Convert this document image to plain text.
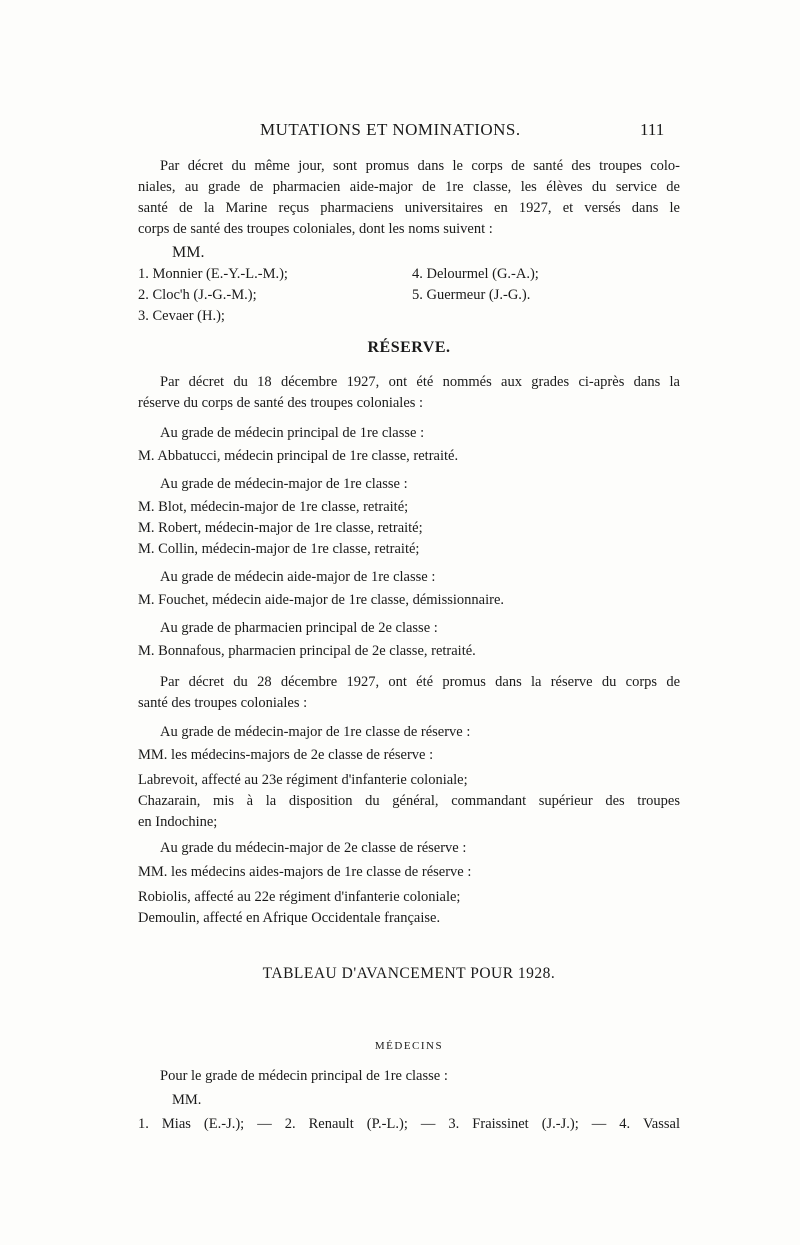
MUTATIONS ET NOMINATIONS.	111
Par décret du même jour, sont promus dans le corps de santé des troupes colo-
niales, au grade de pharmacien aide-major de 1re classe, les élèves du service de
santé de la Marine reçus pharmaciens universitaires en 1927, et versés dans le
corps de santé des troupes coloniales, dont les noms suivent :
MM.
1. Monnier (E.-Y.-L.-M.);
2. Cloc'h (J.-G.-M.);
3. Cevaer (H.);
4. Delourmel (G.-A.);
5. Guermeur (J.-G.).
RÉSERVE.
Par décret du 18 décembre 1927, ont été nommés aux grades ci-après dans la
réserve du corps de santé des troupes coloniales :
Au grade de médecin principal de 1re classe :
M. Abbatucci, médecin principal de 1re classe, retraité.
Au grade de médecin-major de 1re classe :
M. Blot, médecin-major de 1re classe, retraité;
M. Robert, médecin-major de 1re classe, retraité;
M. Collin, médecin-major de 1re classe, retraité;
Au grade de médecin aide-major de 1re classe :
M. Fouchet, médecin aide-major de 1re classe, démissionnaire.
Au grade de pharmacien principal de 2e classe :
M. Bonnafous, pharmacien principal de 2e classe, retraité.
Par décret du 28 décembre 1927, ont été promus dans la réserve du corps de
santé des troupes coloniales :
Au grade de médecin-major de 1re classe de réserve :
MM. les médecins-majors de 2e classe de réserve :
Labrevoit, affecté au 23e régiment d'infanterie coloniale;
Chazarain, mis à la disposition du général, commandant supérieur des troupes
en Indochine;
Au grade du médecin-major de 2e classe de réserve :
MM. les médecins aides-majors de 1re classe de réserve :
Robiolis, affecté au 22e régiment d'infanterie coloniale;
Demoulin, affecté en Afrique Occidentale française.
TABLEAU D'AVANCEMENT POUR 1928.
MÉDECINS
Pour le grade de médecin principal de 1re classe :
MM.
1. Mias (E.-J.); — 2. Renault (P.-L.); — 3. Fraissinet (J.-J.); — 4. Vassal
